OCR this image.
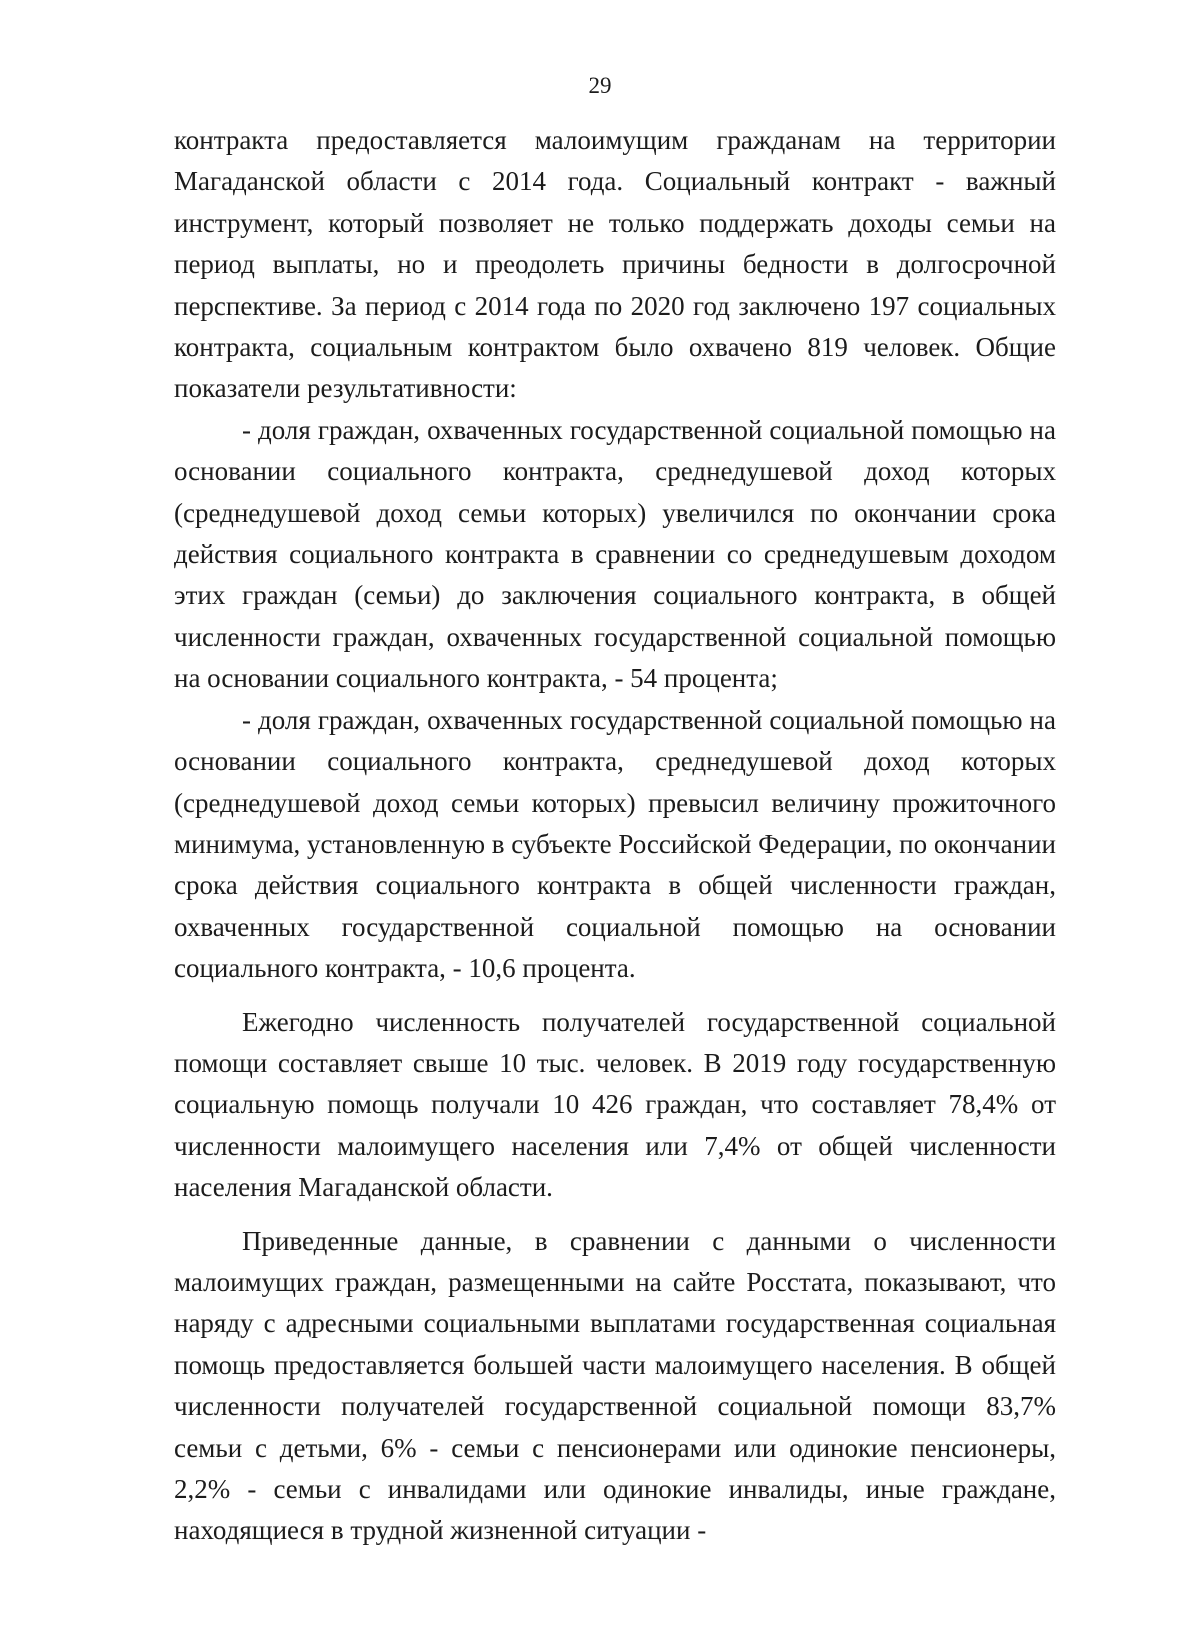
29

контракта предоставляется малоимущим гражданам на территории Магаданской области с 2014 года. Социальный контракт - важный инструмент, который позволяет не только поддержать доходы семьи на период выплаты, но и преодолеть причины бедности в долгосрочной перспективе. За период с 2014 года по 2020 год заключено 197 социальных контракта, социальным контрактом было охвачено 819 человек. Общие показатели результативности:

- доля граждан, охваченных государственной социальной помощью на основании социального контракта, среднедушевой доход которых (среднедушевой доход семьи которых) увеличился по окончании срока действия социального контракта в сравнении со среднедушевым доходом этих граждан (семьи) до заключения социального контракта, в общей численности граждан, охваченных государственной социальной помощью на основании социального контракта, - 54 процента;

- доля граждан, охваченных государственной социальной помощью на основании социального контракта, среднедушевой доход которых (среднедушевой доход семьи которых) превысил величину прожиточного минимума, установленную в субъекте Российской Федерации, по окончании срока действия социального контракта в общей численности граждан, охваченных государственной социальной помощью на основании социального контракта, - 10,6 процента.

Ежегодно численность получателей государственной социальной помощи составляет свыше 10 тыс. человек. В 2019 году государственную социальную помощь получали 10 426 граждан, что составляет 78,4% от численности малоимущего населения или 7,4% от общей численности населения Магаданской области.

Приведенные данные, в сравнении с данными о численности малоимущих граждан, размещенными на сайте Росстата, показывают, что наряду с адресными социальными выплатами государственная социальная помощь предоставляется большей части малоимущего населения. В общей численности получателей государственной социальной помощи 83,7% семьи с детьми, 6% - семьи с пенсионерами или одинокие пенсионеры, 2,2% - семьи с инвалидами или одинокие инвалиды, иные граждане, находящиеся в трудной жизненной ситуации -
